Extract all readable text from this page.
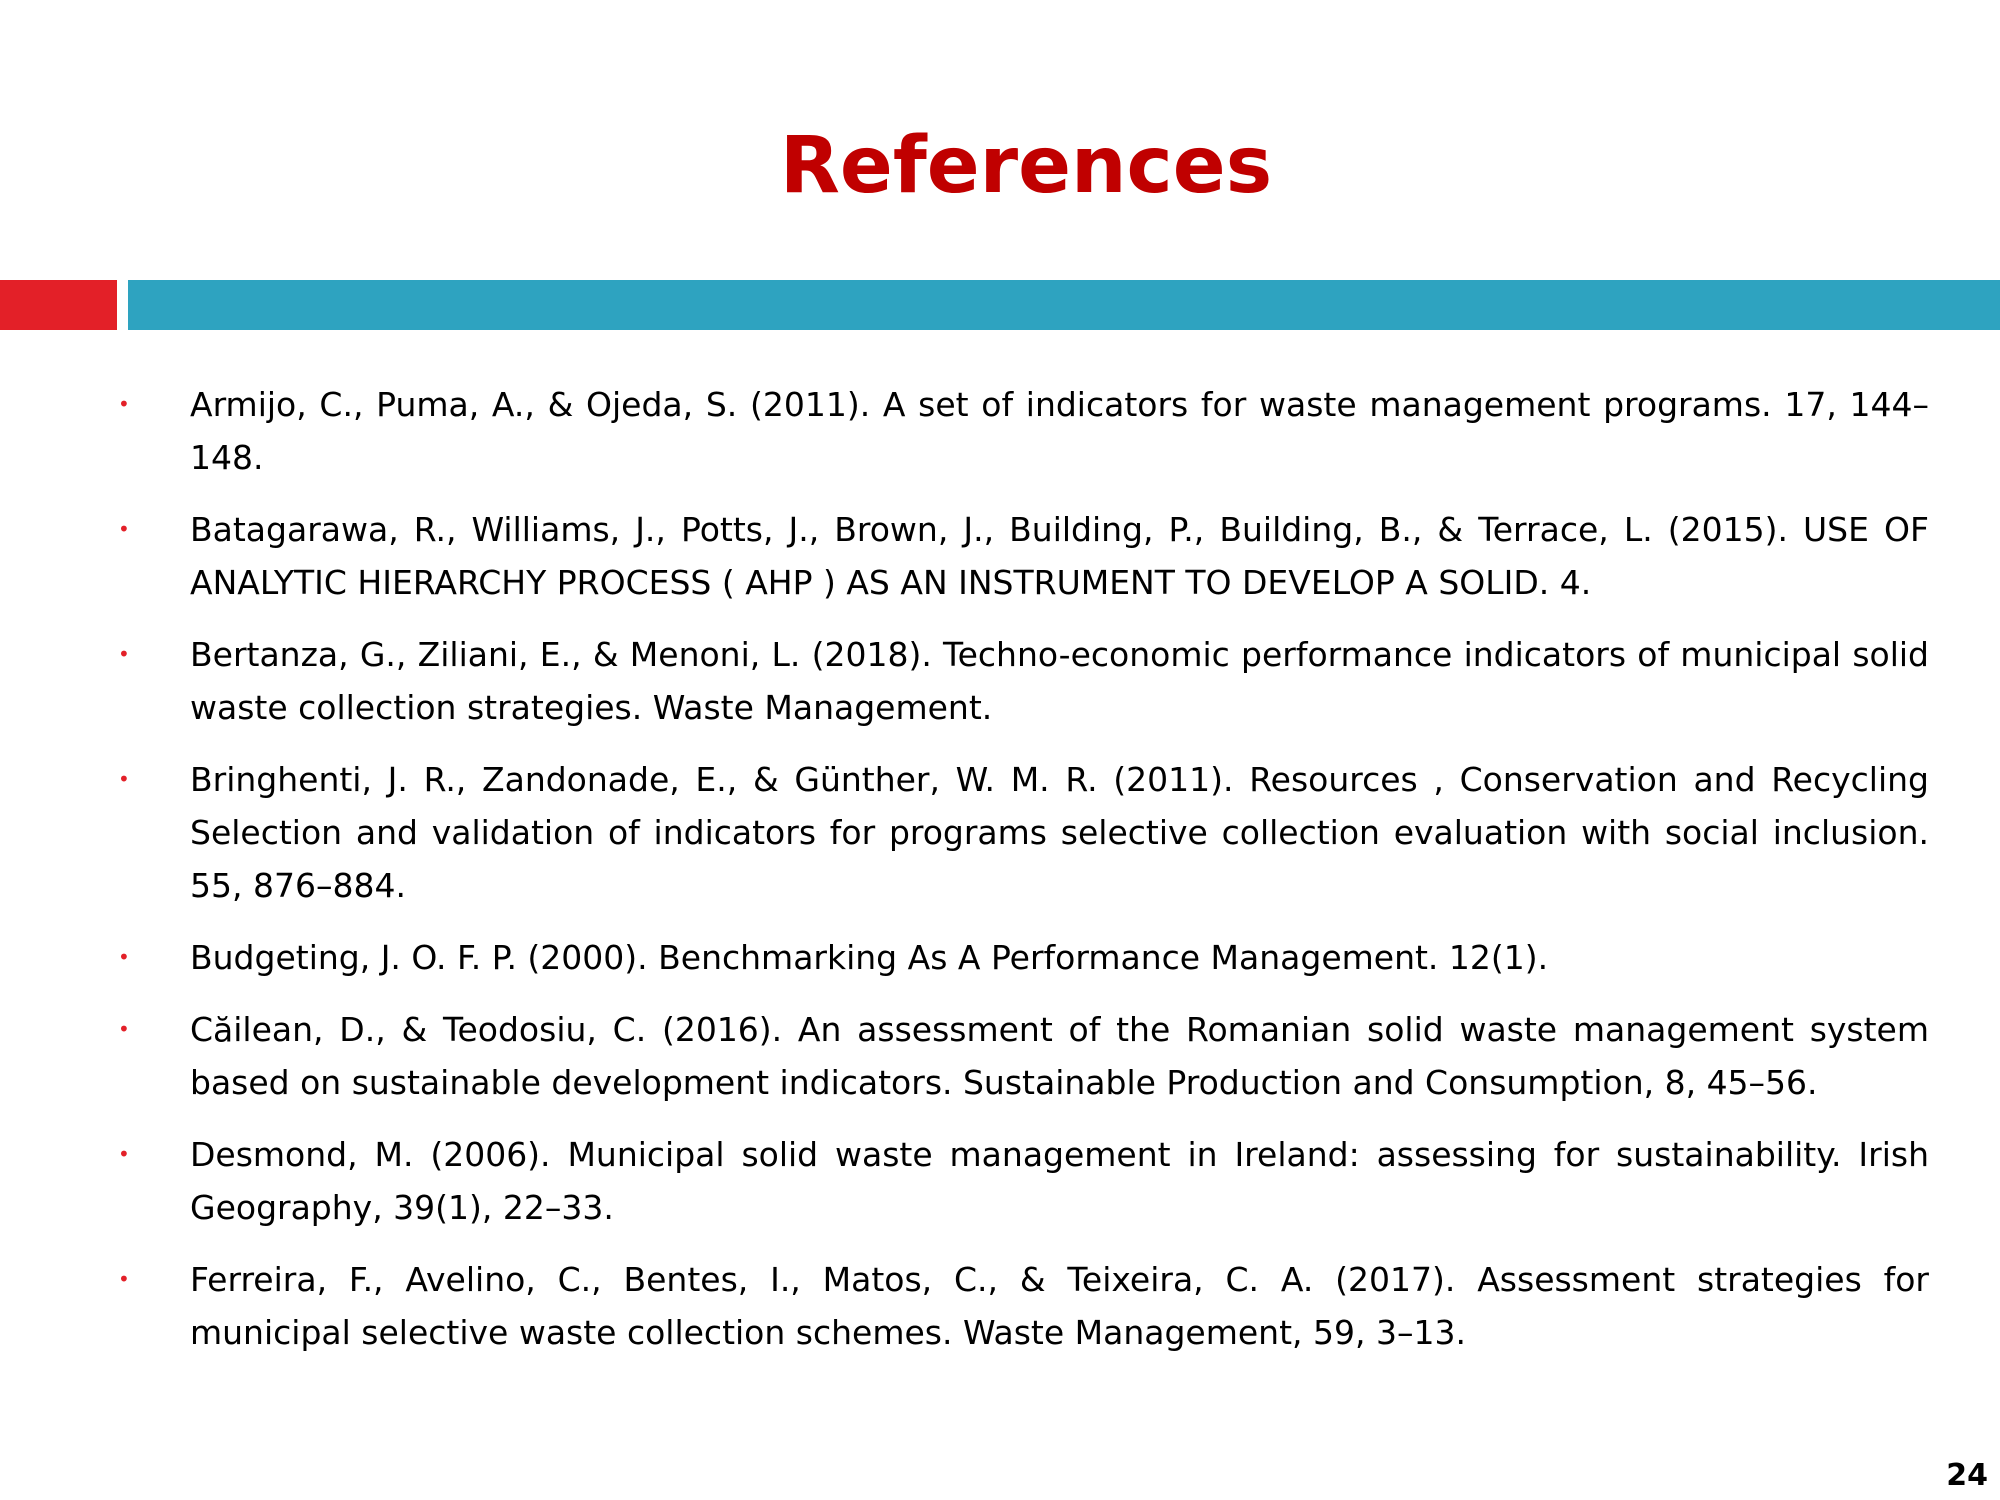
References
• Armijo, C., Puma, A., & Ojeda, S. (2011). A set of indicators for waste management programs. 17, 144–148.
• Batagarawa, R., Williams, J., Potts, J., Brown, J., Building, P., Building, B., & Terrace, L. (2015). USE OF ANALYTIC HIERARCHY PROCESS ( AHP ) AS AN INSTRUMENT TO DEVELOP A SOLID. 4.
• Bertanza, G., Ziliani, E., & Menoni, L. (2018). Techno-economic performance indicators of municipal solid waste collection strategies. Waste Management.
• Bringhenti, J. R., Zandonade, E., & Günther, W. M. R. (2011). Resources , Conservation and Recycling Selection and validation of indicators for programs selective collection evaluation with social inclusion. 55, 876–884.
• Budgeting, J. O. F. P. (2000). Benchmarking As A Performance Management. 12(1).
• Căilean, D., & Teodosiu, C. (2016). An assessment of the Romanian solid waste management system based on sustainable development indicators. Sustainable Production and Consumption, 8, 45–56.
• Desmond, M. (2006). Municipal solid waste management in Ireland: assessing for sustainability. Irish Geography, 39(1), 22–33.
• Ferreira, F., Avelino, C., Bentes, I., Matos, C., & Teixeira, C. A. (2017). Assessment strategies for municipal selective waste collection schemes. Waste Management, 59, 3–13.
24
